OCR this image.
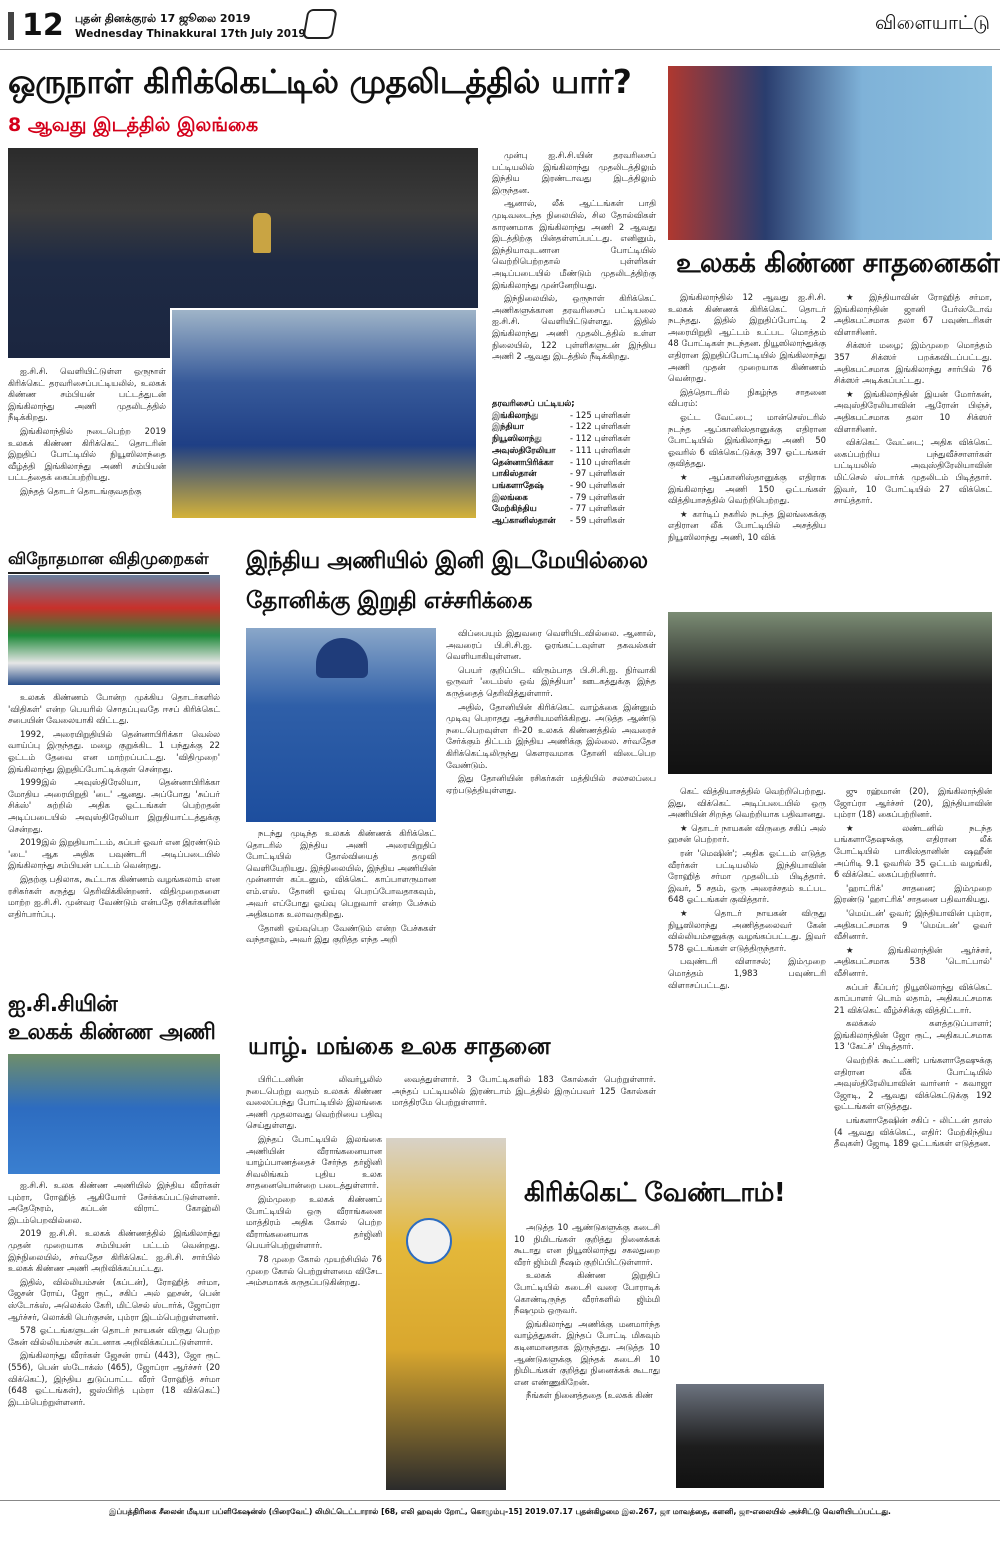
12 புதன் தினக்குரல் 17 ஜூலை 2019
Wednesday Thinakkural 17th July 2019	விளையாட்டு
ஒருநாள் கிரிக்கெட்டில் முதலிடத்தில் யார்?
8 ஆவது இடத்தில் இலங்கை

ஐ.சி.சி. வெளியிட்டுள்ள ஒருநாள் கிரிக்கெட் தரவரிசைப்பட்டியலில், உலகக் கிண்ண சம்பியன் பட்டத்துடன் இங்கிலாந்து அணி முதலிடத்தில் நீடிக்கிறது.

இங்கிலாந்தில் நடைபெற்ற 2019 உலகக் கிண்ண கிரிக்கெட் தொடரின் இறுதிப் போட்டியில் நியூஸிலாந்தை வீழ்த்தி இங்கிலாந்து அணி சம்பியன் பட்டத்தைக் கைப்பற்றியது.

இந்தத் தொடர் தொடங்குவதற்கு

முன்பு ஐ.சி.சி.யின் தரவரிசைப் பட்டியலில் இங்கிலாந்து முதலிடத்திலும் இந்திய இரண்டாவது இடத்திலும் இருந்தன.

ஆனால், லீக் ஆட்டங்கள் பாதி முடிவடைந்த நிலையில், சில தோல்விகள் காரணமாக இங்கிலாந்து அணி 2 ஆவது இடத்திற்கு பின்தள்ளப்பட்டது. எனினும், இந்தியாவுடனான போட்டியில் வெற்றிபெற்றதால் புள்ளிகள் அடிப்படையில் மீண்டும் முதலிடத்திற்கு இங்கிலாந்து முன்னேறியது.

இந்நிலையில், ஒருநாள் கிரிக்கெட் அணிகளுக்கான தரவரிசைப் பட்டியலை ஐ.சி.சி. வெளியிட்டுள்ளது. இதில் இங்கிலாந்து அணி முதலிடத்தில் உள்ள நிலையில், 122 புள்ளிகளுடன் இந்திய அணி 2 ஆவது இடத்தில் நீடிக்கிறது.

தரவரிசைப் பட்டியல்;
இங்கிலாந்து	- 125 புள்ளிகள்
இந்தியா	- 122 புள்ளிகள்
நியூஸிலாந்து	- 112 புள்ளிகள்
அவுஸ்திரேலியா	- 111 புள்ளிகள்
தென்னாபிரிக்கா	- 110 புள்ளிகள்
பாகிஸ்தான்	- 97 புள்ளிகள்
பங்களாதேஷ்	- 90 புள்ளிகள்
இலங்கை	- 79 புள்ளிகள்
மேற்கிந்திய	- 77 புள்ளிகள்
ஆப்கானிஸ்தான்	- 59 புள்ளிகள்
உலகக் கிண்ண சாதனைகள்

இங்கிலாந்தில் 12 ஆவது ஐ.சி.சி. உலகக் கிண்ணக் கிரிக்கெட் தொடர் நடந்தது. இதில் இறுதிப்போட்டி 2 அரையிறுதி ஆட்டம் உட்பட மொத்தம் 48 போட்டிகள் நடந்தன. நியூஸிலாந்துக்கு எதிரான இறுதிப்போட்டியில் இங்கிலாந்து அணி முதன் முறையாக கிண்ணம் வென்றது.

இத்தொடரில் நிகழ்ந்த சாதனை விபரம்:

ஓட்ட வேட்டை; மான்செஸ்டரில் நடந்த ஆப்கானிஸ்தானுக்கு எதிரான போட்டியில் இங்கிலாந்து அணி 50 ஓவரில் 6 விக்கெட்டுக்கு 397 ஓட்டங்கள் குவித்தது.

★ ஆப்கானிஸ்தானுக்கு எதிராக இங்கிலாந்து அணி 150 ஓட்டங்கள் வித்தியாசத்தில் வெற்றிபெற்றது.

★ கார்டிப் நகரில் நடந்த இலங்கைக்கு எதிரான லீக் போட்டியில் அசத்திய நியூஸிலாந்து அணி, 10 விக்

★ இந்தியாவின் ரோஹித் சர்மா, இங்கிலாந்தின் ஜானி பேர்ஸ்டோவ் அதிகபட்சமாக தலா 67 பவுண்டரிகள் விளாசினர்.

சிக்ஸர் மழை; இம்முறை மொத்தம் 357 சிக்ஸர் பறக்கவிடப்பட்டது. அதிகபட்சமாக இங்கிலாந்து சார்பில் 76 சிக்ஸர் அடிக்கப்பட்டது.

★ இங்கிலாந்தின் இயன் மோர்கன், அவுஸ்திரேலியாவின் ஆரோன் பிஞ்ச், அதிகபட்சமாக தலா 10 சிக்ஸர் விளாசினர்.

விக்கெட் வேட்டை; அதிக விக்கெட் கைப்பற்றிய பந்துவீச்சாளர்கள் பட்டியலில் அவுஸ்திரேலியாவின் மிட்செல் ஸ்டார்க் முதலிடம் பிடித்தார். இவர், 10 போட்டியில் 27 விக்கெட் சாய்த்தார்.

கெட் வித்தியாசத்தில் வெற்றிபெற்றது. இது, விக்கெட் அடிப்படையில் ஒரு அணியின் சிறந்த வெற்றியாக பதிவானது.

★ தொடர் நாயகன் விருதை சகிப் அல் ஹசன் பெற்றார்.

ரன் 'மெஷின்'; அதிக ஓட்டம் எடுத்த வீரர்கள் பட்டியலில் இந்தியாவின் ரோஹித் சர்மா முதலிடம் பிடித்தார். இவர், 5 சதம், ஒரு அரைச்சதம் உட்பட 648 ஓட்டங்கள் குவித்தார்.

★ தொடர் நாயகன் விருது நியூஸிலாந்து அணித்தலைவர் கேன் வில்லியம்சனுக்கு வழங்கப்பட்டது. இவர் 578 ஓட்டங்கள் எடுத்திருந்தார்.

பவுண்டரி விளாசல்; இம்முறை மொத்தம் 1,983 பவுண்டரி விளாசப்பட்டது.

ஜு ரஹ்மான் (20), இங்கிலாந்தின் ஜோப்ரா ஆர்ச்சர் (20), இந்தியாவின் பும்ரா (18) கைப்பற்றினர்.

★ லண்டனில் நடந்த பங்களாதேஷுக்கு எதிரான லீக் போட்டியில் பாகிஸ்தானின் ஷஹீன் அப்ரிடி 9.1 ஓவரில் 35 ஓட்டம் வழங்கி, 6 விக்கெட் கைப்பற்றினார்.

'ஹாட்ரிக்' சாதனை; இம்முறை இரண்டு 'ஹாட்ரிக்' சாதனை பதிவாகியது.

'மெய்டன்' ஓவர்; இந்தியாவின் பும்ரா, அதிகபட்சமாக 9 'மெய்டன்' ஓவர் வீசினார்.

★ இங்கிலாந்தின் ஆர்ச்சர், அதிகபட்சமாக 538 'டொட்பால்' வீசினார்.

சுப்பர் கீப்பர்; நியூஸிலாந்து விக்கெட் காப்பாளர் டொம் லதாம், அதிகபட்சமாக 21 விக்கெட் வீழ்ச்சிக்கு வித்திட்டார்.

கலக்கல் களத்தடுப்பாளர்; இங்கிலாந்தின் ஜோ ரூட், அதிகபட்சமாக 13 'கேட்ச்' பிடித்தார்.

வெற்றிக் கூட்டணி; பங்களாதேஷுக்கு எதிரான லீக் போட்டியில் அவுஸ்திரேலியாவின் வார்னர் - கவாஜா ஜோடி, 2 ஆவது விக்கெட்டுக்கு 192 ஓட்டங்கள் எடுத்தது.

பங்களாதேஷின் சகிப் - லிட்டன் தாஸ் (4 ஆவது விக்கெட், எதிர்: மேற்கிந்திய தீவுகள்) ஜோடி 189 ஓட்டங்கள் எடுத்தன.

விநோதமான விதிமுறைகள்

உலகக் கிண்ணம் போன்ற முக்கிய தொடர்களில் 'விதிகள்' என்ற பெயரில் சொதப்புவதே ஈசப் கிரிக்கெட் சபையின் வேலையாகி விட்டது.

1992, அரையிறுதியில் தென்னாபிரிக்கா வெல்ல வாய்ப்பு இருந்தது. மழை குறுக்கிட 1 பந்துக்கு 22 ஓட்டம் தேவை என மாற்றப்பட்டது. 'விதிமுறை' இங்கிலாந்து இறுதிப்போட்டிக்குள் சென்றது.

1999இல் அவுஸ்திரேலியா, தென்னாபிரிக்கா மோதிய அரையிறுதி 'டை' ஆனது. அப்போது 'சுப்பர் சிக்ஸ்' சுற்றில் அதிக ஓட்டங்கள் பெற்றதன் அடிப்படையில் அவுஸ்திரேலியா இறுதியாட்டத்துக்கு சென்றது.

2019இல் இறுதியாட்டம், சுப்பர் ஓவர் என இரண்டும் 'டை' ஆக அதிக பவுண்டரி அடிப்படையில் இங்கிலாந்து சம்பியன் பட்டம் வென்றது.

இதற்கு பதிலாக, கூட்டாக கிண்ணம் வழங்கலாம் என ரசிகர்கள் கருத்து தெரிவிக்கின்றனர். விதிமுறைகளை மாற்ற ஐ.சி.சி. முன்வர வேண்டும் என்பதே ரசிகர்களின் எதிர்பார்ப்பு.

ஐ.சி.சியின்
உலகக் கிண்ண அணி

ஐ.சி.சி. உலக கிண்ண அணியில் இந்திய வீரர்கள் பும்ரா, ரோஹித் ஆகியோர் சேர்க்கப்பட்டுள்ளனர். அதேநேரம், கப்டன் விராட் கோஹ்லி இடம்பெறவில்லை.

2019 ஐ.சி.சி. உலகக் கிண்ணத்தில் இங்கிலாந்து முதன் முறையாக சம்பியன் பட்டம் வென்றது. இந்நிலையில், சர்வதேச கிரிக்கெட் ஐ.சி.சி. சார்பில் உலகக் கிண்ண அணி அறிவிக்கப்பட்டது.

இதில், வில்லியம்சன் (கப்டன்), ரோஹித் சர்மா, ஜேசன் ரோய், ஜோ ரூட், சகிப் அல் ஹசன், பென் ஸ்டோக்ஸ், அலெக்ஸ் கேரி, மிட்செல் ஸ்டார்க், ஜோப்ரா ஆர்ச்சர், லொக்கி பெர்குசன், பும்ரா இடம்பெற்றுள்ளனர்.

578 ஓட்டங்களுடன் தொடர் நாயகன் விருது பெற்ற கேன் வில்லியம்சன் கப்டனாக அறிவிக்கப்பட்டுள்ளார்.

இங்கிலாந்து வீரர்கள் ஜேசன் ராய் (443), ஜோ ரூட் (556), பென் ஸ்டோக்ஸ் (465), ஜோப்ரா ஆர்ச்சர் (20 விக்கெட்), இந்திய துடுப்பாட்ட வீரர் ரோஹித் சர்மா (648 ஓட்டங்கள்), ஜஸ்பிரித் பும்ரா (18 விக்கெட்) இடம்பெற்றுள்ளனர்.

இந்திய அணியில் இனி இடமேயில்லை
தோனிக்கு இறுதி எச்சரிக்கை

நடந்து முடிந்த உலகக் கிண்ணக் கிரிக்கெட் தொடரில் இந்திய அணி அரையிறுதிப் போட்டியில் தோல்வியைத் தழுவி வெளியேறியது. இந்நிலையில், இந்திய அணியின் முன்னாள் கப்டனும், விக்கெட் காப்பாளருமான எம்.எஸ். தோனி ஓய்வு பெறப்போவதாகவும், அவர் எப்போது ஓய்வு பெறுவார் என்ற பேச்சும் அதிகமாக உலாவருகிறது.

தோனி ஓய்வுபெற வேண்டும் என்ற பேச்சுகள் வந்தாலும், அவர் இது குறித்த எந்த அறி

விப்பையும் இதுவரை வெளியிடவில்லை. ஆனால், அவரைப் பி.சி.சி.ஐ. ஓரங்கட்டவுள்ள தகவல்கள் வெளியாகியுள்ளன.

பெயர் குறிப்பிட விரும்பாத பி.சி.சி.ஐ. நிர்வாகி ஒருவர் 'டைம்ஸ் ஒவ் இந்தியா' ஊடகத்துக்கு இந்த கருத்தைத் தெரிவித்துள்ளார்.

அதில், தோனியின் கிரிக்கெட் வாழ்க்கை இன்னும் முடிவு பெறாதது ஆச்சரியமளிக்கிறது. அடுத்த ஆண்டு நடைபெறவுள்ள ரி-20 உலகக் கிண்ணத்தில் அவரைச் சேர்க்கும் திட்டம் இந்திய அணிக்கு இல்லை. சர்வதேச கிரிக்கெட்டிலிருந்து கௌரவமாக தோனி விடைபெற வேண்டும்.

இது தோனியின் ரசிகர்கள் மத்தியில் சலசலப்பை ஏற்படுத்தியுள்ளது.

யாழ். மங்கை உலக சாதனை

பிரிட்டனின் லிவர்பூலில் நடைபெற்று வரும் உலகக் கிண்ண வலைப்பந்து போட்டியில் இலங்கை அணி முதலாவது வெற்றியை பதிவு செய்துள்ளது.

இந்தப் போட்டியில் இலங்கை அணியின் வீராங்கனையான யாழ்ப்பாணத்தைச் சேர்ந்த தர்ஜினி சிவலிங்கம் புதிய உலக சாதனையொன்றை படைத்துள்ளார்.

இம்முறை உலகக் கிண்ணப் போட்டியில் ஒரு வீராங்கனை மாத்திரம் அதிக கோல் பெற்ற வீராங்கனையாக தர்ஜினி பெயர்பெற்றுள்ளார்.

78 முறை கோல் முயற்சியில் 76 முறை கோல் பெற்றுள்ளமை விசேட அம்சமாகக் கருதப்படுகின்றது.

வைத்துள்ளார். 3 போட்டிகளில் 183 கோல்கள் பெற்றுள்ளார். அந்தப் பட்டியலில் இரண்டாம் இடத்தில் இருப்பவர் 125 கோல்கள் மாத்திரமே பெற்றுள்ளார்.

கிரிக்கெட் வேண்டாம்!

அடுத்த 10 ஆண்டுகளுக்கு கடைசி 10 நிமிடங்கள் குறித்து நினைக்கக் கூடாது என நியூஸிலாந்து சகலதுறை வீரர் ஜிம்மி நீஷம் குறிப்பிட்டுள்ளார்.

உலகக் கிண்ண இறுதிப் போட்டியில் கடைசி வரை போராடிக் கொண்டிருந்த வீரர்களில் ஜிம்மி நீஷமும் ஒருவர்.

இங்கிலாந்து அணிக்கு மனமார்ந்த வாழ்த்துகள். இந்தப் போட்டி மிகவும் கடினமானதாக இருந்தது. அடுத்த 10 ஆண்டுகளுக்கு இந்தக் கடைசி 10 நிமிடங்கள் குறித்து நினைக்கக் கூடாது என எண்ணுகிறேன்.

நீங்கள் நினைத்ததை (உலகக் கிண்

இப்பத்திரிகை சீலைன் மீடியா பப்ளிகேஷன்ஸ் (பிரைவேட்) லிமிட்டெட்டாரால் [68, எலி ஹவுஸ் றோட், கொழும்பு-15] 2019.07.17 புதன்கிழமை இல.267, ஜா மாவத்தை, களனி, ஜா-எலையில் அச்சிட்டு வெளியிடப்பட்டது.
